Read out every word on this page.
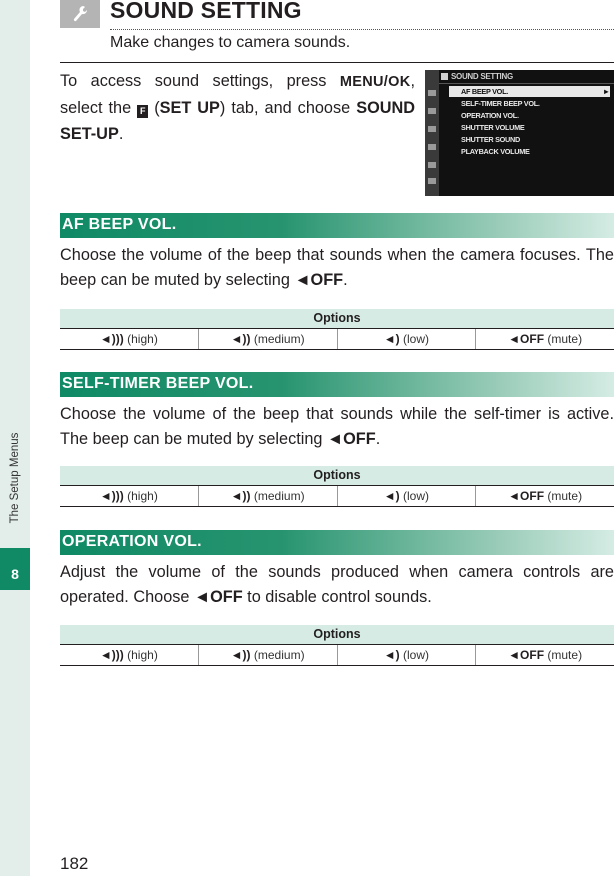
The Setup Menus
8
SOUND SETTING
Make changes to camera sounds.
To access sound settings, press MENU/OK, select the F (SET UP) tab, and choose SOUND SET-UP.
SOUND SETTING
AF BEEP VOL. ▸
SELF-TIMER BEEP VOL.
OPERATION VOL.
SHUTTER VOLUME
SHUTTER SOUND
PLAYBACK VOLUME
AF BEEP VOL.
Choose the volume of the beep that sounds when the camera focuses. The beep can be muted by selecting ◄OFF.
Options
◄))) (high)	◄)) (medium)	◄) (low)	◄OFF (mute)
SELF-TIMER BEEP VOL.
Choose the volume of the beep that sounds while the self-timer is active. The beep can be muted by selecting ◄OFF.
Options
◄))) (high)	◄)) (medium)	◄) (low)	◄OFF (mute)
OPERATION VOL.
Adjust the volume of the sounds produced when camera controls are operated. Choose ◄OFF to disable control sounds.
Options
◄))) (high)	◄)) (medium)	◄) (low)	◄OFF (mute)
182
